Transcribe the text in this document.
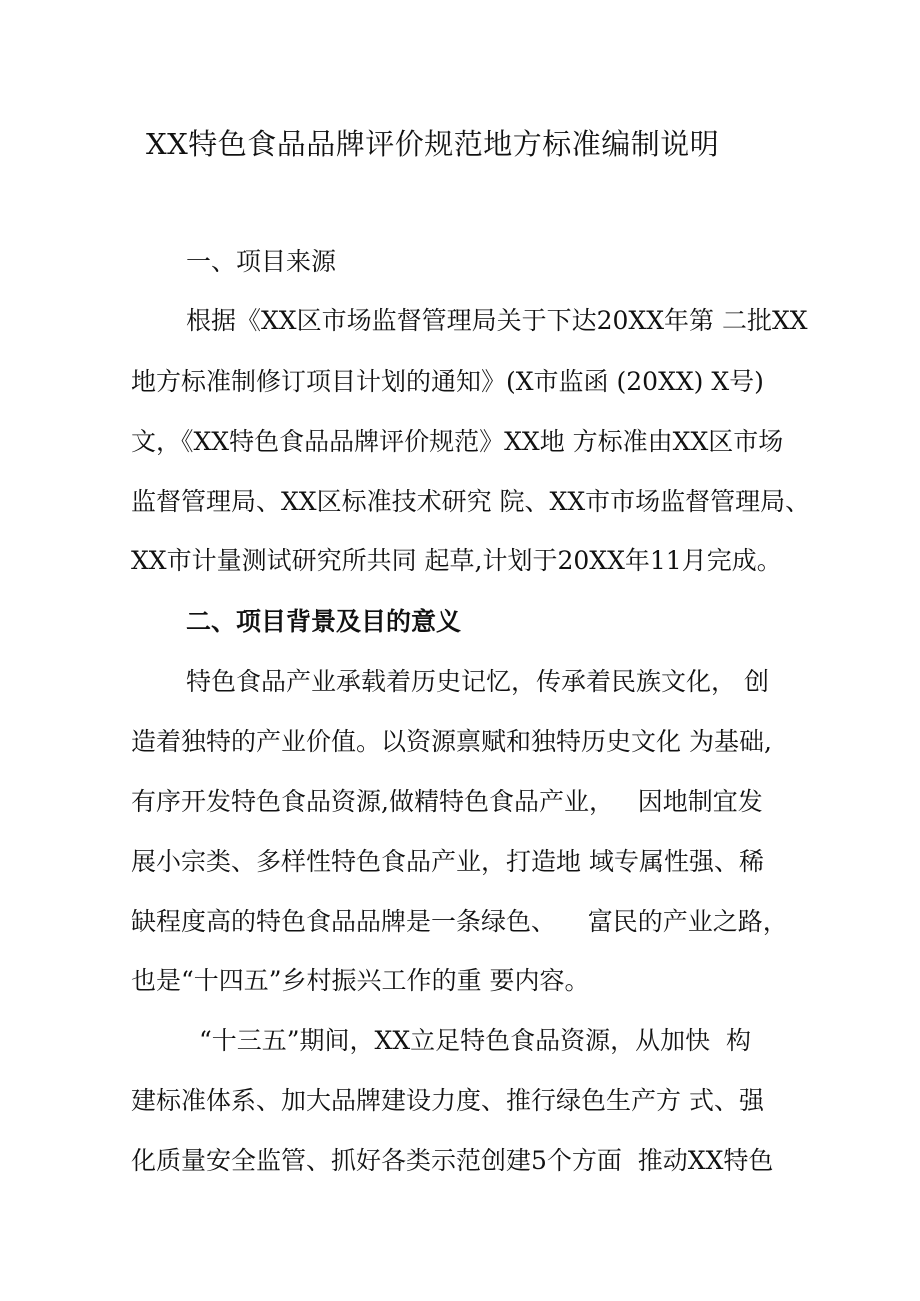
XX特色食品品牌评价规范地方标准编制说明
一、项目来源
根据《XX区市场监督管理局关于下达20XX年第 二批XX
地方标准制修订项目计划的通知》(X市监函 (20XX) X号)
文，《XX特色食品品牌评价规范》XX地 方标准由XX区市场
监督管理局、XX区标准技术研究 院、XX市市场监督管理局、
XX市计量测试研究所共同 起草,计划于20XX年11月完成。
二、项目背景及目的意义
特色食品产业承载着历史记忆，传承着民族文化， 创
造着独特的产业价值。以资源禀赋和独特历史文化 为基础,
有序开发特色食品资源,做精特色食品产业，   因地制宜发
展小宗类、多样性特色食品产业，打造地 域专属性强、稀
缺程度高的特色食品品牌是一条绿色、    富民的产业之路，
也是“十四五”乡村振兴工作的重 要内容。
“十三五”期间，XX立足特色食品资源，从加快  构
建标准体系、加大品牌建设力度、推行绿色生产方 式、强
化质量安全监管、抓好各类示范创建5个方面  推动XX特色
